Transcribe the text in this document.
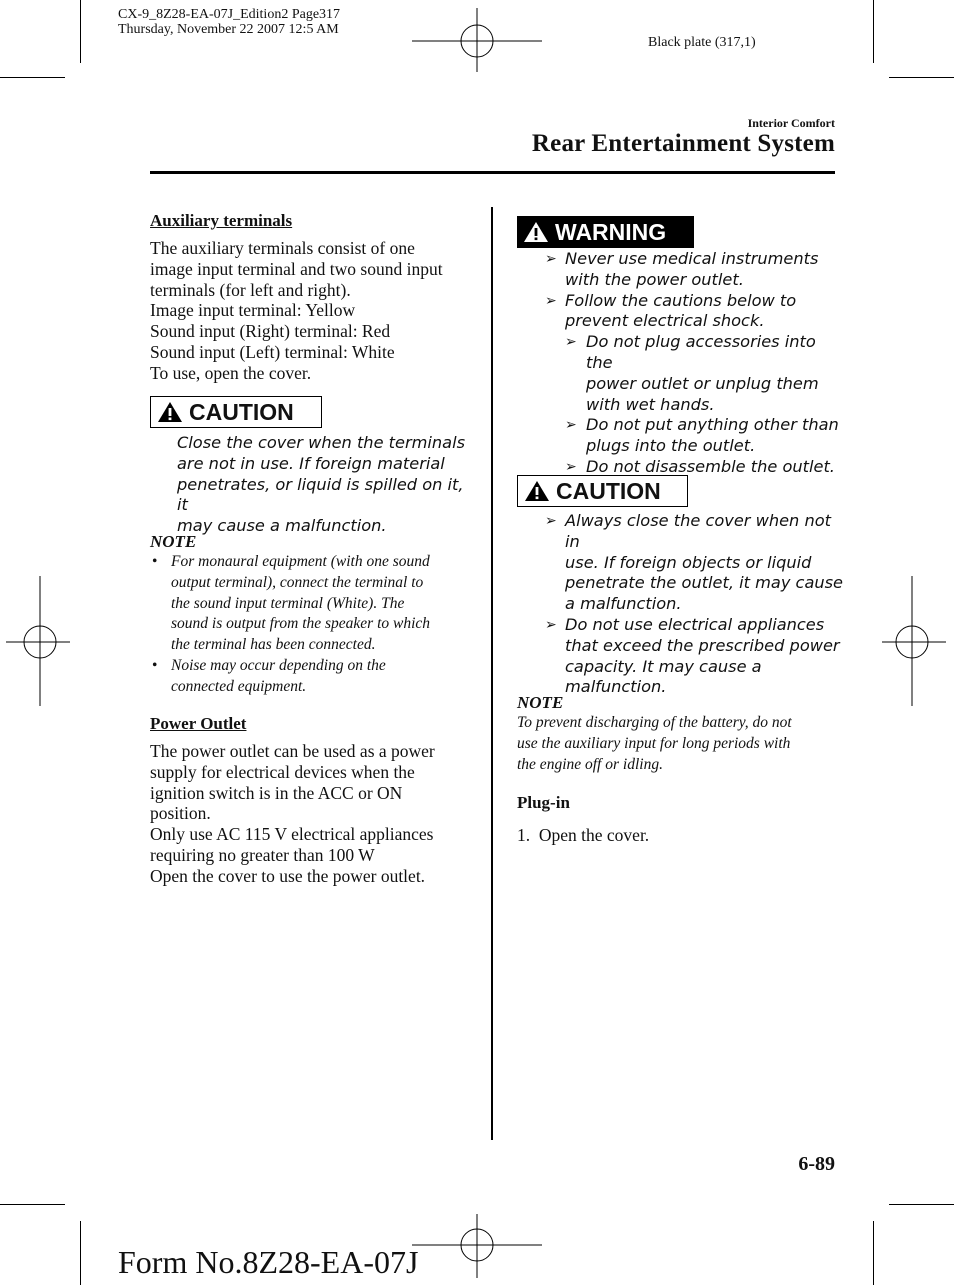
CX-9_8Z28-EA-07J_Edition2 Page317
Thursday, November 22 2007 12:5 AM
Black plate (317,1)
Interior Comfort
Rear Entertainment System
Auxiliary terminals
The auxiliary terminals consist of one
image input terminal and two sound input
terminals (for left and right).
Image input terminal: Yellow
Sound input (Right) terminal: Red
Sound input (Left) terminal: White
To use, open the cover.
CAUTION
Close the cover when the terminals
are not in use. If foreign material
penetrates, or liquid is spilled on it, it
may cause a malfunction.
NOTE
• For monaural equipment (with one sound
output terminal), connect the terminal to
the sound input terminal (White). The
sound is output from the speaker to which
the terminal has been connected.
• Noise may occur depending on the
connected equipment.
Power Outlet
The power outlet can be used as a power
supply for electrical devices when the
ignition switch is in the ACC or ON
position.
Only use AC 115 V electrical appliances
requiring no greater than 100 W
Open the cover to use the power outlet.
WARNING
➢ Never use medical instruments
with the power outlet.
➢ Follow the cautions below to
prevent electrical shock.
➢ Do not plug accessories into the
power outlet or unplug them
with wet hands.
➢ Do not put anything other than
plugs into the outlet.
➢ Do not disassemble the outlet.
CAUTION
➢ Always close the cover when not in
use. If foreign objects or liquid
penetrate the outlet, it may cause
a malfunction.
➢ Do not use electrical appliances
that exceed the prescribed power
capacity. It may cause a
malfunction.
NOTE
To prevent discharging of the battery, do not
use the auxiliary input for long periods with
the engine off or idling.
Plug-in
1.  Open the cover.
6-89
Form No.8Z28-EA-07J
